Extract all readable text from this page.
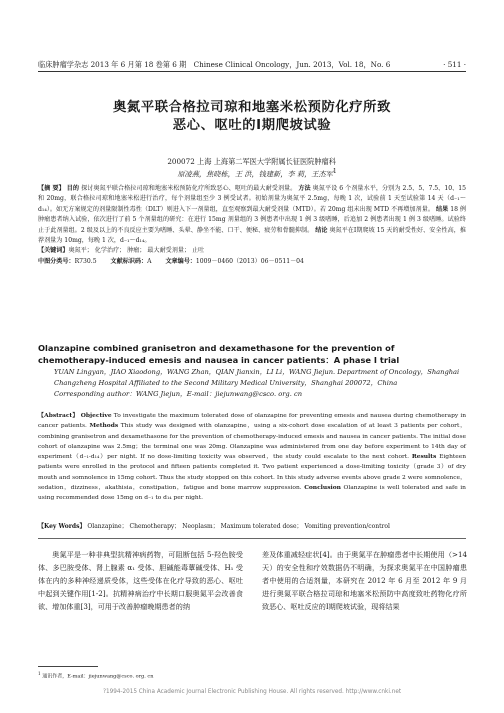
临床肿瘤学杂志 2013 年 6 月第 18 卷第 6 期 Chinese Clinical Oncology，Jun. 2013，Vol. 18，No. 6	· 511 ·
奥氮平联合格拉司琼和地塞米松预防化疗所致
恶心、呕吐的Ⅰ期爬坡试验
200072 上海 上海第二军医大学附属长征医院肿瘤科
原凌燕，焦晓栋，王 洪，钱建新，李 莉，王杰军$^1$
【摘 要】 目的 探讨奥氮平联合格拉司琼和地塞米松预防化疗所致恶心、呕吐的最大耐受剂量。 方法 奥氮平设 6 个剂量水平，分别为 2.5、5、7.5、10、15 和 20mg，联合格拉司琼和地塞米松进行治疗，每个剂量组至少 3 例受试者。初始剂量为奥氮平 2.5mg，每晚 1 次，试验前 1 天至试验第 14 天（d₋₁～d₁₄）。如无方案规定的剂量限制性毒性（DLT）则进入下一剂量组，直至观察到最大耐受剂量（MTD）。若 20mg 组未出现 MTD 不再增加剂量。 结果 18 例肿瘤患者纳入试验，依次进行了前 5 个剂量组的研究：在进行 15mg 剂量组的 3 例患者中出现 1 例 3 级嗜睡，后追加 2 例患者出现 1 例 3 级嗜睡。试验终止于此剂量组。2 级及以上的不良反应主要为嗜睡、头晕、静坐不能、口干、便秘、疲劳和骨髓抑制。 结论 奥氮平在Ⅰ期爬坡 15 天的耐受性好、安全性高，推荐剂量为 10mg，每晚 1 次，d₋₁～d₁₄。
【关键词】奥氮平； 化学治疗； 肿瘤； 最大耐受剂量； 止吐
中图分类号：R730.5 文献标识码：A 文章编号：1009－0460（2013）06－0511－04
Olanzapine combined granisetron and dexamethasone for the prevention of chemotherapy-induced emesis and nausea in cancer patients：A phase Ⅰ trial
YUAN Lingyan，JIAO Xiaodong，WANG Zhan，QIAN Jianxin，LI Li，WANG Jiejun. Department of Oncology，Shanghai Changzheng Hospital Affiliated to the Second Military Medical University，Shanghai 200072，China
Corresponding author：WANG Jiejun，E-mail：jiejunwang@csco. org. cn
【Abstract】 Objective To investigate the maximum tolerated dose of olanzapine for preventing emesis and nausea during chemotherapy in cancer patients. Methods This study was designed with olanzapine，using a six-cohort dose escalation of at least 3 patients per cohort，combining granisetron and dexamethasone for the prevention of chemotherapy-induced emesis and nausea in cancer patients. The initial dose cohort of olanzapine was 2.5mg；the terminal one was 20mg. Olanzapine was administered from one day before experiment to 14th day of experiment（d₋₁-d₁₄）per night. If no dose-limiting toxicity was observed，the study could escalate to the next cohort. Results Eighteen patients were enrolled in the protocol and fifteen patients completed it. Two patient experienced a dose-limiting toxicity（grade 3）of dry mouth and somnolence in 15mg cohort. Thus the study stopped on this cohort. In this study adverse events above grade 2 were somnolence，sedation，dizziness，akathisia，constipation，fatigue and bone marrow suppression. Conclusion Olanzapine is well tolerated and safe in using recommended dose 15mg on d₋₁ to d₁₄ per night.
【Key Words】 Olanzapine； Chemotherapy； Neoplasm； Maximum tolerated dose； Vomiting prevention/control
奥氮平是一种非典型抗精神病药物，可阻断包括 5-羟色胺受体、多巴胺受体、肾上腺素 α₁ 受体、胆碱能毒蕈碱受体、H₁ 受体在内的多种神经递质受体，这些受体在化疗导致的恶心、呕吐中起到关键作用[1-2]。抗精神病治疗中长期口服奥氮平会改善食欲、增加体重[3]，可用于改善肿瘤晚期患者的纳
差及体重减轻症状[4]。由于奥氮平在肿瘤患者中长期使用（>14 天）的安全性和疗效数据仍不明确，为探求奥氮平在中国肿瘤患者中使用的合适剂量，本研究在 2012 年 6 月至 2012 年 9 月进行奥氮平联合格拉司琼和地塞米松预防中高度致吐药物化疗所致恶心、呕吐反应的Ⅰ期爬坡试验，现将结果
$^1$ 通讯作者，E-mail：jiejunwang@csco. org. cn
?1994-2015 China Academic Journal Electronic Publishing House. All rights reserved. http://www.cnki.net
